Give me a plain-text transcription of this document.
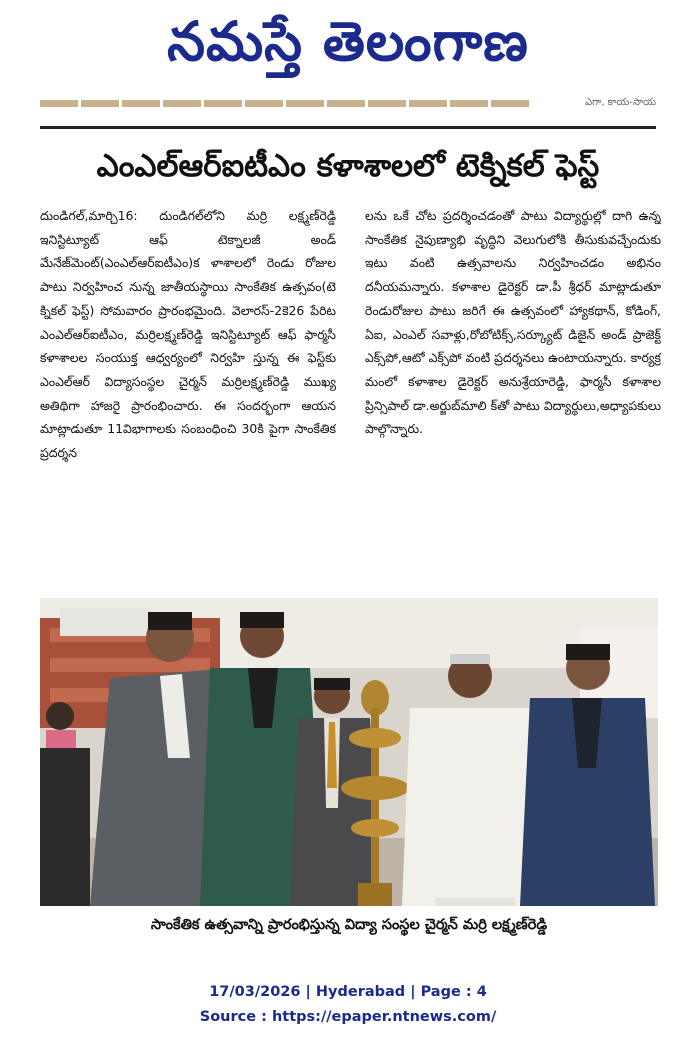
నమస్తే తెలంగాణ
ఎగా, కాయ-సాయ
ఎంఎల్‌ఆర్‌ఐటీఎం కళాశాలలో టెక్నికల్ ఫెస్ట్
దుండిగల్,మార్చి16: దుండిగల్‌లోని మర్రి లక్ష్మణ్‌రెడ్డి ఇనిస్టిట్యూట్ ఆఫ్ టెక్నాలజీ అండ్ మేనేజ్‌మెంట్(ఎంఎల్‌ఆర్‌ఐటీఎం)క ళాశాలలో రెండు రోజుల పాటు నిర్వహించ నున్న జాతీయస్థాయి సాంకేతిక ఉత్సవం(టె క్నికల్ ఫెస్ట్) సోమవారం ప్రారంభమైంది. వెలారస్-2కె26 పేరిట ఎంఎల్‌ఆర్‌ఐటీఎం, మర్రిలక్ష్మణ్‌రెడ్డి ఇనిస్టిట్యూట్ ఆఫ్ ఫార్మసీ కళాశాలల సంయుక్త ఆధ్వర్యంలో నిర్వహి స్తున్న ఈ ఫెస్ట్‌కు ఎంఎల్‌ఆర్ విద్యాసంస్థల చైర్మన్ మర్రిలక్ష్మణ్‌రెడ్డి ముఖ్య అతిథిగా హాజరై ప్రారంభించారు. ఈ సందర్భంగా ఆయన మాట్లాడుతూ 11విభాగాలకు సంబంధించి 30కి పైగా సాంకేతిక ప్రదర్శన
లను ఒకే చోట ప్రదర్శించడంతో పాటు విద్యార్థుల్లో దాగి ఉన్న సాంకేతిక నైపుణ్యాభి వృద్ధిని వెలుగులోకి తీసుకువచ్చేందుకు ఇటు వంటి ఉత్సవాలను నిర్వహించడం అభినం దనీయమన్నారు. కళాశాల డైరెక్టర్ డా.పీ శ్రీధర్ మాట్లాడుతూ రెండురోజుల పాటు జరిగే ఈ ఉత్సవంలో హ్యాకథాన్, కోడింగ్, ఏఐ, ఎంఎల్ సవాళ్లు,రోబోటిక్స్,సర్క్యూట్ డిజైన్ అండ్ ప్రాజెక్ట్ ఎక్స్‌పో,ఆటో ఎక్స్‌పో వంటి ప్రదర్శనలు ఉంటాయన్నారు. కార్యక్ర మంలో కళాశాల డైరెక్టర్ అనుశ్రేయారెడ్డి, ఫార్మసీ కళాశాల ప్రిన్సిపాల్ డా.అర్జుబ్‌మాలి క్‌తో పాటు విద్యార్థులు,అధ్యాపకులు పాల్గొన్నారు.
సాంకేతిక ఉత్సవాన్ని ప్రారంభిస్తున్న విద్యా సంస్థల చైర్మన్ మర్రి లక్ష్మణ్‌రెడ్డి
17/03/2026 | Hyderabad | Page : 4
Source : https://epaper.ntnews.com/
